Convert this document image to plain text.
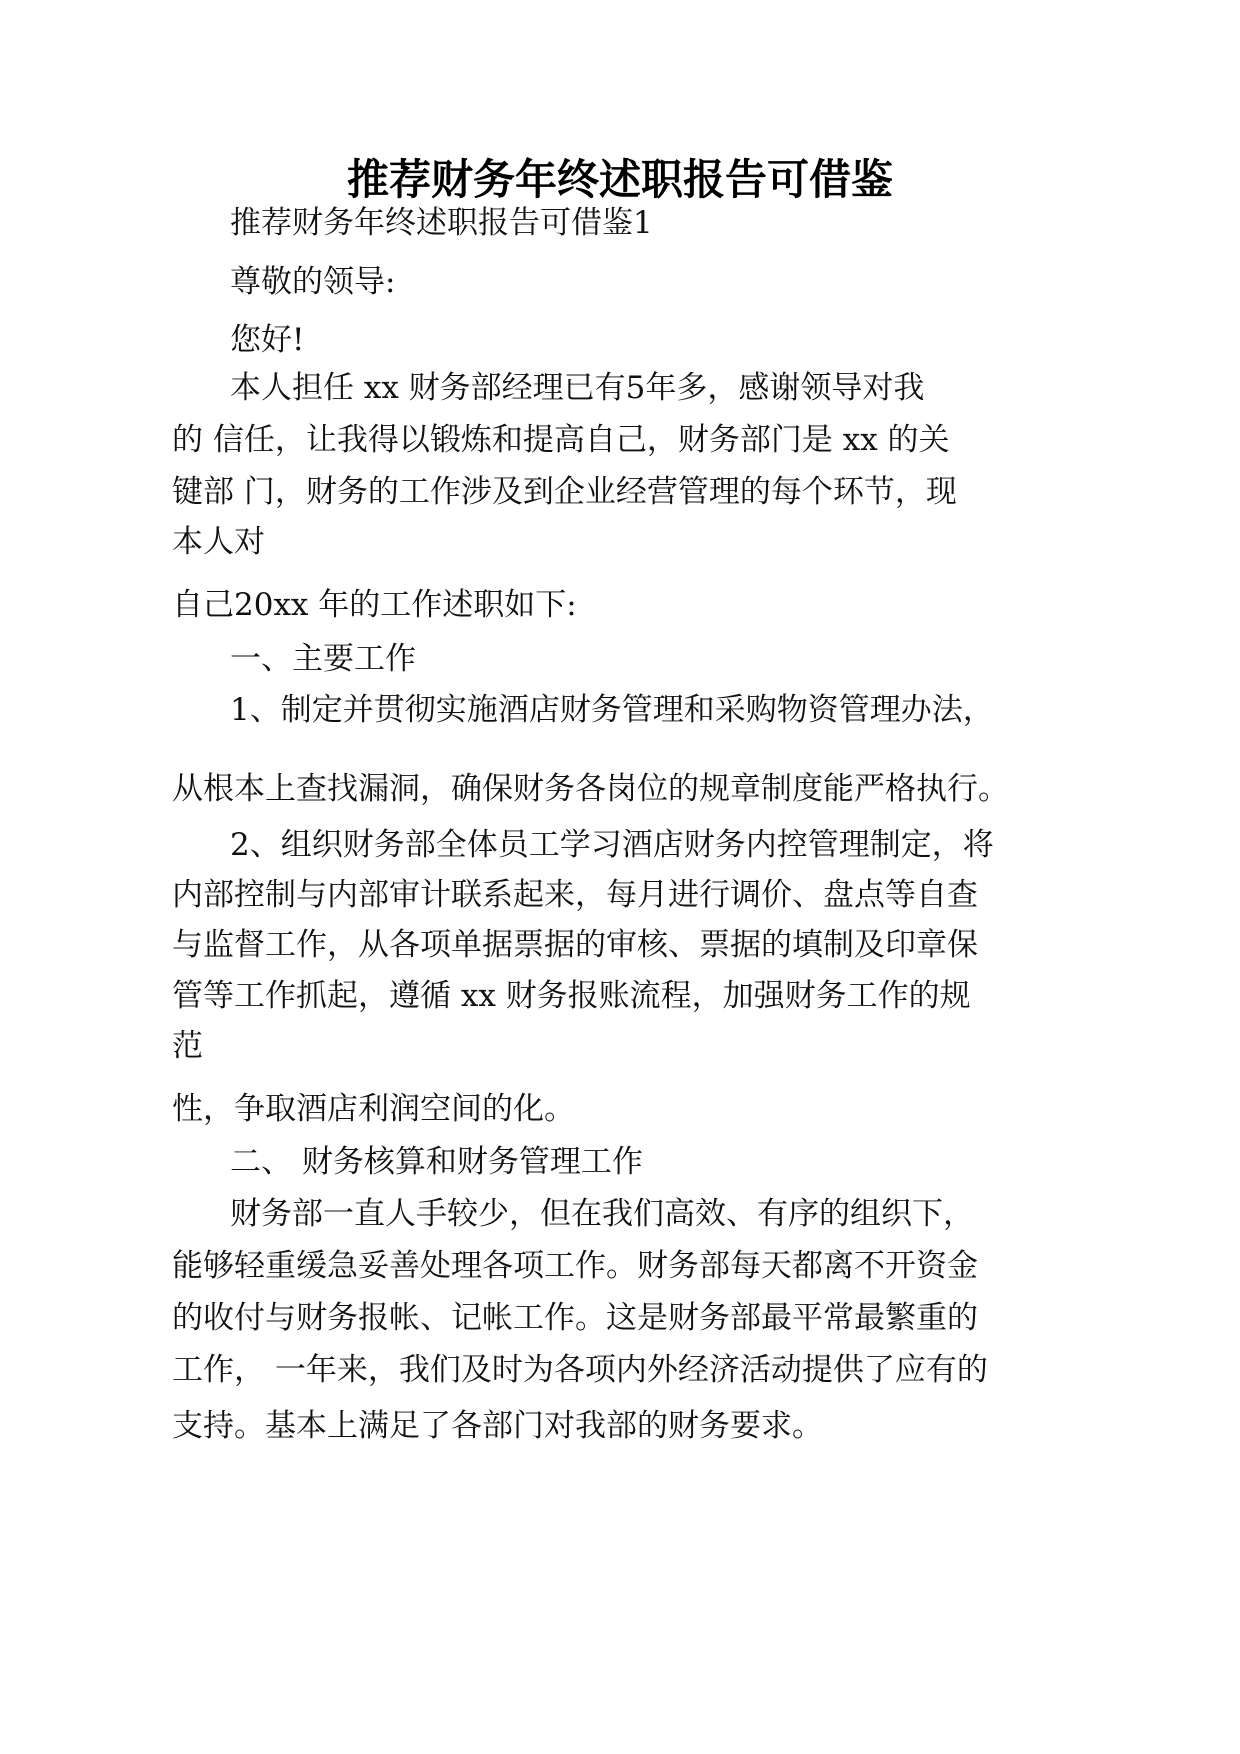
推荐财务年终述职报告可借鉴

推荐财务年终述职报告可借鉴1

尊敬的领导:

您好!

本人担任 xx 财务部经理已有5年多，感谢领导对我

的 信任，让我得以锻炼和提高自己，财务部门是 xx 的关

键部 门，财务的工作涉及到企业经营管理的每个环节，现

本人对

自己20xx 年的工作述职如下:

一、主要工作

1、制定并贯彻实施酒店财务管理和采购物资管理办法，

从根本上查找漏洞，确保财务各岗位的规章制度能严格执行。

2、组织财务部全体员工学习酒店财务内控管理制定，将

内部控制与内部审计联系起来，每月进行调价、盘点等自查

与监督工作，从各项单据票据的审核、票据的填制及印章保

管等工作抓起，遵循 xx 财务报账流程，加强财务工作的规

范

性，争取酒店利润空间的化。

二、 财务核算和财务管理工作

财务部一直人手较少，但在我们高效、有序的组织下，

能够轻重缓急妥善处理各项工作。财务部每天都离不开资金

的收付与财务报帐、记帐工作。这是财务部最平常最繁重的

工作， 一年来，我们及时为各项内外经济活动提供了应有的

支持。基本上满足了各部门对我部的财务要求。
